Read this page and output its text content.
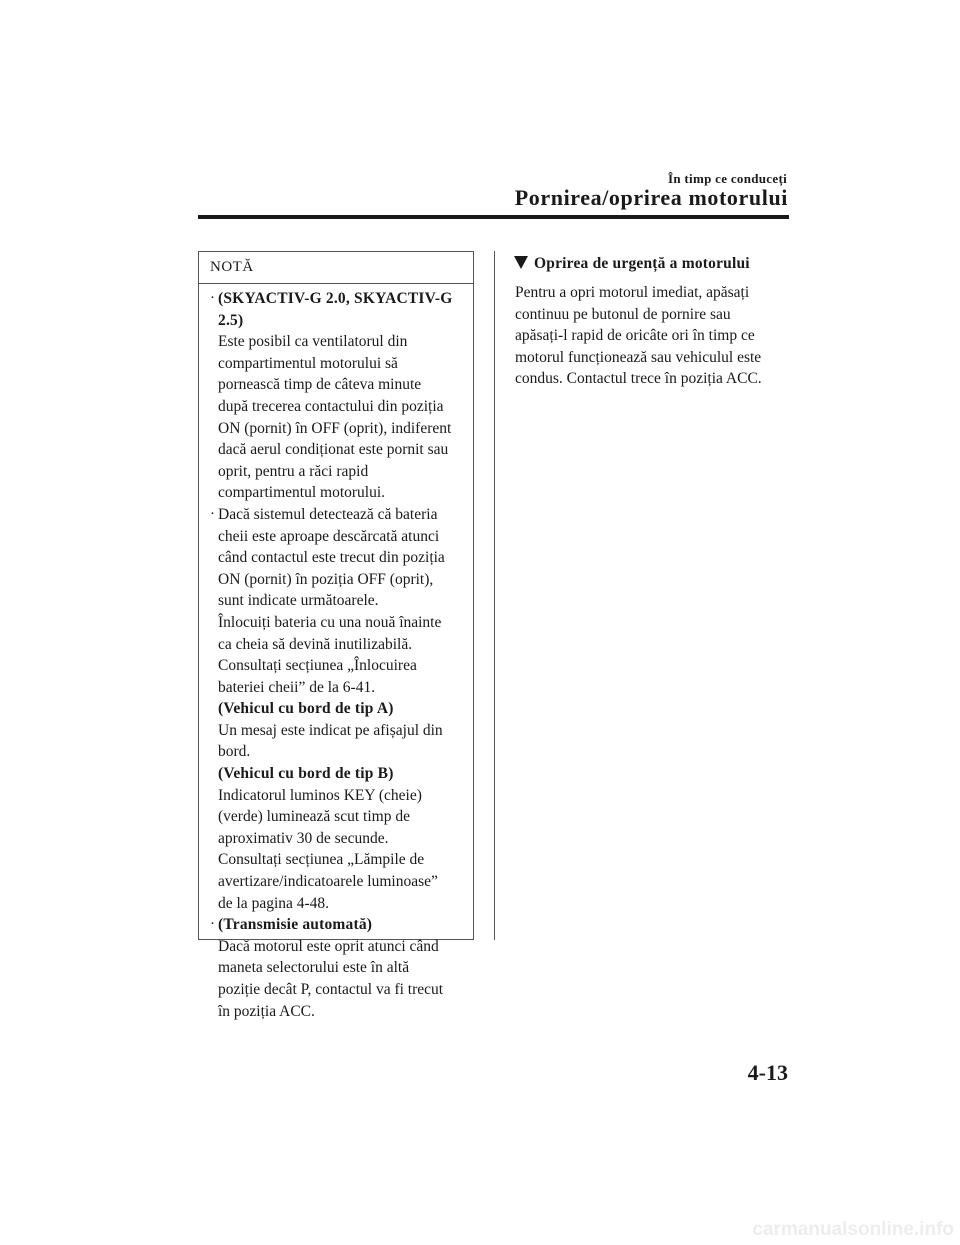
În timp ce conduceți
Pornirea/oprirea motorului
NOTĂ
· (SKYACTIV-G 2.0, SKYACTIV-G
2.5)
Este posibil ca ventilatorul din
compartimentul motorului să
pornească timp de câteva minute
după trecerea contactului din poziția
ON (pornit) în OFF (oprit), indiferent
dacă aerul condiționat este pornit sau
oprit, pentru a răci rapid
compartimentul motorului.
· Dacă sistemul detectează că bateria
cheii este aproape descărcată atunci
când contactul este trecut din poziția
ON (pornit) în poziția OFF (oprit),
sunt indicate următoarele.
Înlocuiți bateria cu una nouă înainte
ca cheia să devină inutilizabilă.
Consultați secțiunea „Înlocuirea
bateriei cheii” de la 6-41.
(Vehicul cu bord de tip A)
Un mesaj este indicat pe afișajul din
bord.
(Vehicul cu bord de tip B)
Indicatorul luminos KEY (cheie)
(verde) luminează scut timp de
aproximativ 30 de secunde.
Consultați secțiunea „Lămpile de
avertizare/indicatoarele luminoase”
de la pagina 4-48.
· (Transmisie automată)
Dacă motorul este oprit atunci când
maneta selectorului este în altă
poziție decât P, contactul va fi trecut
în poziția ACC.
Oprirea de urgență a motorului
Pentru a opri motorul imediat, apăsați
continuu pe butonul de pornire sau
apăsați-l rapid de oricâte ori în timp ce
motorul funcționează sau vehiculul este
condus. Contactul trece în poziția ACC.
4-13
carmanualsonline.info
